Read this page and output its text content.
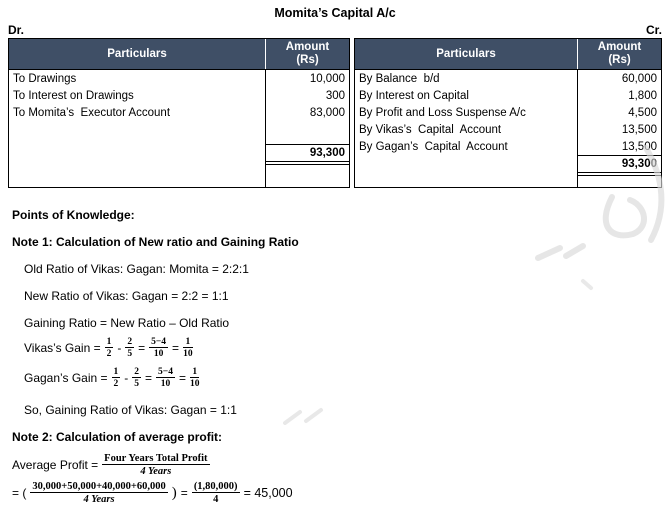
Momita’s Capital A/c
Dr.	Cr.
Particulars
Amount
(Rs)
To Drawings	10,000
To Interest on Drawings	300
To Momita’s  Executor Account	83,000
93,300
Particulars
Amount
(Rs)
By Balance  b/d	60,000
By Interest on Capital	1,800
By Profit and Loss Suspense A/c	4,500
By Vikas’s  Capital  Account	13,500
By Gagan’s  Capital  Account	13,500
93,300
Points of Knowledge:
Note 1: Calculation of New ratio and Gaining Ratio
Old Ratio of Vikas: Gagan: Momita = 2:2:1
New Ratio of Vikas: Gagan = 2:2 = 1:1
Gaining Ratio = New Ratio – Old Ratio
Vikas’s Gain = $\frac{1}{2} - \frac{2}{5} = \frac{5-4}{10} = \frac{1}{10}$
Gagan’s Gain = $\frac{1}{2} - \frac{2}{5} = \frac{5-4}{10} = \frac{1}{10}$
So, Gaining Ratio of Vikas: Gagan = 1:1
Note 2: Calculation of average profit:
Average Profit = $\frac{\text{Four Years Total Profit}}{\text{4 Years}}$
= ( $\frac{30,000+50,000+40,000+60,000}{\text{4 Years}}$ ) = $\frac{(1,80,000)}{4} = 45,000$
